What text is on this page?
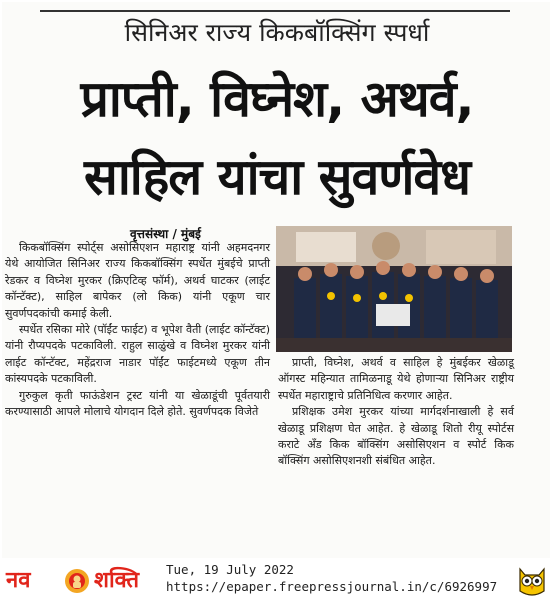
सिनिअर राज्य किकबॉक्सिंग स्पर्धा
प्राप्ती, विघ्नेश, अथर्व,
साहिल यांचा सुवर्णवेध
वृत्तसंस्था / मुंबई

किकबॉक्सिंग स्पोर्ट्स असोसिएशन महाराष्ट्र यांनी अहमदनगर येथे आयोजित सिनिअर राज्य किकबॉक्सिंग स्पर्धेत मुंबईचे प्राप्ती रेडकर व विघ्नेश मुरकर (क्रिएटिव्ह फॉर्म), अथर्व घाटकर (लाईट कॉन्टॅक्ट), साहिल बापेकर (लो किक) यांनी एकूण चार सुवर्णपदकांची कमाई केली.

स्पर्धेत रसिका मोरे (पॉईंट फाईट) व भूपेश वैती (लाईट कॉन्टॅक्ट) यांनी रौप्यपदके पटकाविली. राहुल साळुंखे व विघ्नेश मुरकर यांनी लाईट कॉन्टॅक्ट, महेंद्रराज नाडार पॉईंट फाईटमध्ये एकूण तीन कांस्यपदके पटकाविली.

गुरुकुल कृती फाऊंडेशन ट्रस्ट यांनी या खेळाडूंची पूर्वतयारी करण्यासाठी आपले मोलाचे योगदान दिले होते. सुवर्णपदक विजेते

प्राप्ती, विघ्नेश, अथर्व व साहिल हे मुंबईकर खेळाडू ऑगस्ट महिन्यात तामिळनाडू येथे होणाऱ्या सिनिअर राष्ट्रीय स्पर्धेत महाराष्ट्राचे प्रतिनिधित्व करणार आहेत.

प्रशिक्षक उमेश मुरकर यांच्या मार्गदर्शनाखाली हे सर्व खेळाडू प्रशिक्षण घेत आहेत. हे खेळाडू शितो रीयू स्पोर्टस कराटे अँड किक बॉक्सिंग असोसिएशन व स्पोर्ट किक बॉक्सिंग असोसिएशनशी संबंधित आहेत.

नव	शक्ति Tue, 19 July 2022
https://epaper.freepressjournal.in/c/6926997
